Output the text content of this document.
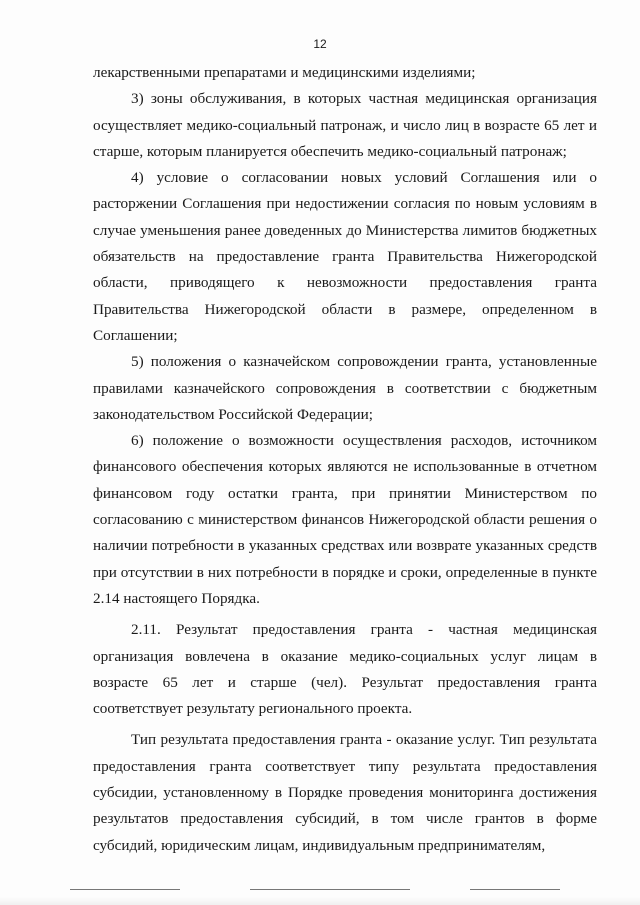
12

лекарственными препаратами и медицинскими изделиями;

3) зоны обслуживания, в которых частная медицинская организация осуществляет медико-социальный патронаж, и число лиц в возрасте 65 лет и старше, которым планируется обеспечить медико-социальный патронаж;

4) условие о согласовании новых условий Соглашения или о расторжении Соглашения при недостижении согласия по новым условиям в случае уменьшения ранее доведенных до Министерства лимитов бюджетных обязательств на предоставление гранта Правительства Нижегородской области, приводящего к невозможности предоставления гранта Правительства Нижегородской области в размере, определенном в Соглашении;

5) положения о казначейском сопровождении гранта, установленные правилами казначейского сопровождения в соответствии с бюджетным законодательством Российской Федерации;

6) положение о возможности осуществления расходов, источником финансового обеспечения которых являются не использованные в отчетном финансовом году остатки гранта, при принятии Министерством по согласованию с министерством финансов Нижегородской области решения о наличии потребности в указанных средствах или возврате указанных средств при отсутствии в них потребности в порядке и сроки, определенные в пункте 2.14 настоящего Порядка.

2.11. Результат предоставления гранта - частная медицинская организация вовлечена в оказание медико-социальных услуг лицам в возрасте 65 лет и старше (чел). Результат предоставления гранта соответствует результату регионального проекта.

Тип результата предоставления гранта - оказание услуг. Тип результата предоставления гранта соответствует типу результата предоставления субсидии, установленному в Порядке проведения мониторинга достижения результатов предоставления субсидий, в том числе грантов в форме субсидий, юридическим лицам, индивидуальным предпринимателям,
